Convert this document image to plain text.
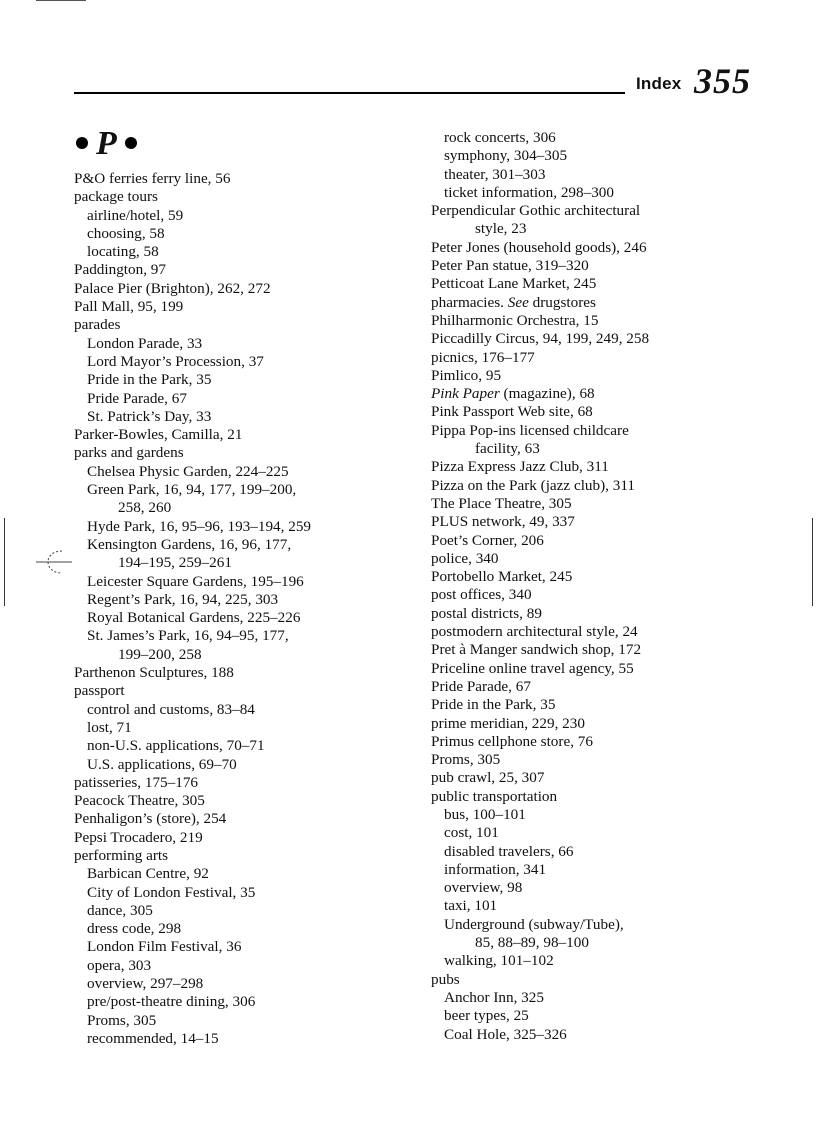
Index 355
P
P&O ferries ferry line, 56
package tours
airline/hotel, 59
choosing, 58
locating, 58
Paddington, 97
Palace Pier (Brighton), 262, 272
Pall Mall, 95, 199
parades
London Parade, 33
Lord Mayor’s Procession, 37
Pride in the Park, 35
Pride Parade, 67
St. Patrick’s Day, 33
Parker-Bowles, Camilla, 21
parks and gardens
Chelsea Physic Garden, 224–225
Green Park, 16, 94, 177, 199–200,
258, 260
Hyde Park, 16, 95–96, 193–194, 259
Kensington Gardens, 16, 96, 177,
194–195, 259–261
Leicester Square Gardens, 195–196
Regent’s Park, 16, 94, 225, 303
Royal Botanical Gardens, 225–226
St. James’s Park, 16, 94–95, 177,
199–200, 258
Parthenon Sculptures, 188
passport
control and customs, 83–84
lost, 71
non-U.S. applications, 70–71
U.S. applications, 69–70
patisseries, 175–176
Peacock Theatre, 305
Penhaligon’s (store), 254
Pepsi Trocadero, 219
performing arts
Barbican Centre, 92
City of London Festival, 35
dance, 305
dress code, 298
London Film Festival, 36
opera, 303
overview, 297–298
pre/post-theatre dining, 306
Proms, 305
recommended, 14–15
rock concerts, 306
symphony, 304–305
theater, 301–303
ticket information, 298–300
Perpendicular Gothic architectural
style, 23
Peter Jones (household goods), 246
Peter Pan statue, 319–320
Petticoat Lane Market, 245
pharmacies. See drugstores
Philharmonic Orchestra, 15
Piccadilly Circus, 94, 199, 249, 258
picnics, 176–177
Pimlico, 95
Pink Paper (magazine), 68
Pink Passport Web site, 68
Pippa Pop-ins licensed childcare
facility, 63
Pizza Express Jazz Club, 311
Pizza on the Park (jazz club), 311
The Place Theatre, 305
PLUS network, 49, 337
Poet’s Corner, 206
police, 340
Portobello Market, 245
post offices, 340
postal districts, 89
postmodern architectural style, 24
Pret à Manger sandwich shop, 172
Priceline online travel agency, 55
Pride Parade, 67
Pride in the Park, 35
prime meridian, 229, 230
Primus cellphone store, 76
Proms, 305
pub crawl, 25, 307
public transportation
bus, 100–101
cost, 101
disabled travelers, 66
information, 341
overview, 98
taxi, 101
Underground (subway/Tube),
85, 88–89, 98–100
walking, 101–102
pubs
Anchor Inn, 325
beer types, 25
Coal Hole, 325–326
